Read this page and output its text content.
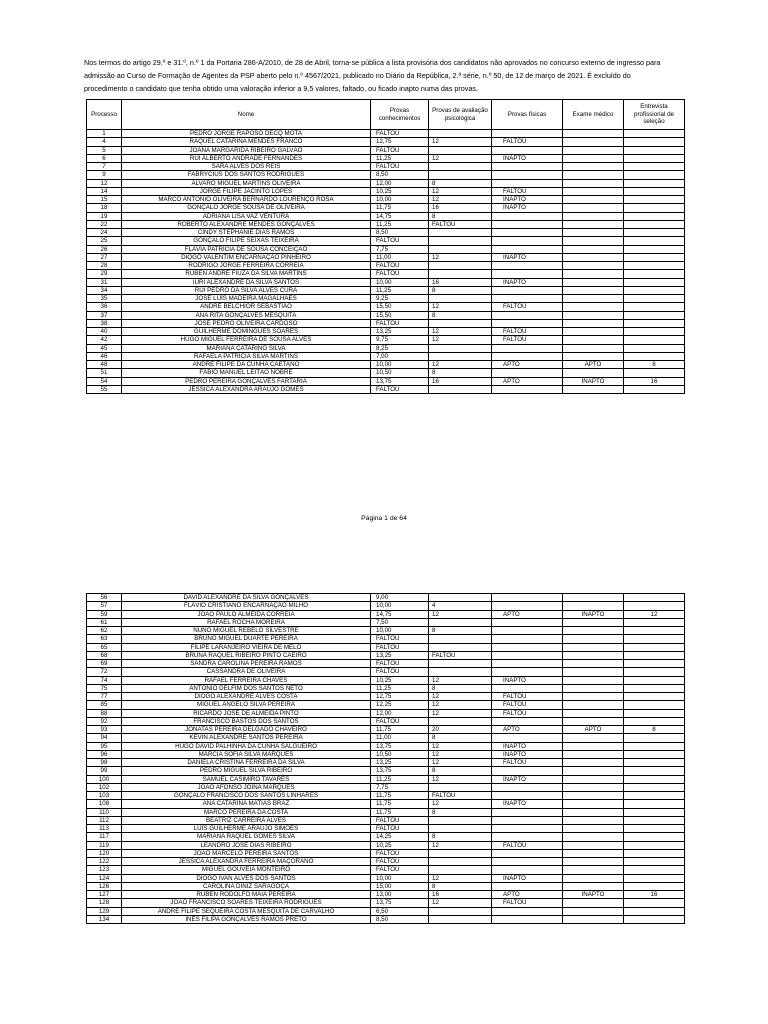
Nos termos do artigo 29.º e 31.º, n.º 1 da Portaria 286-A/2010, de 28 de Abril, torna-se pública a lista provisória dos candidatos não aprovados no concurso externo de ingresso para admissão ao Curso de Formação de Agentes da PSP aberto pelo n.º 4567/2021, publicado no Diário da República, 2.ª série, n.º 50, de 12 de março de 2021. É excluído do procedimento o candidato que tenha obtido uma valoração inferior a 9,5 valores, faltado, ou ficado inapto numa das provas.

Processo	Nome	Provas conhecimentos	Provas de avaliação psicológica	Provas físicas	Exame médico	Entrevista profissional de seleção
1	PEDRO JORGE RAPOSO DECQ MOTA	FALTOU				
4	RAQUEL CATARINA MENDES FRANCO	12,75	12	FALTOU		
5	JOANA MARGARIDA RIBEIRO GALVÃO	FALTOU				
6	RUI ALBERTO ANDRADE FERNANDES	11,25	12	INAPTO		
7	SARA ALVES DOS REIS	FALTOU				
9	FABRYCIUS DOS SANTOS RODRIGUES	8,50				
12	ÁLVARO MIGUEL MARTINS OLIVEIRA	12,00	8			
14	JORGE FILIPE JACINTO LOPES	10,25	12	FALTOU		
15	MARCO ANTÓNIO OLIVEIRA BERNARDO LOURENÇO ROSA	10,00	12	INAPTO		
18	GONÇALO JORGE SOUSA DE OLIVEIRA	11,75	16	INAPTO		
19	ADRIANA LISA VAZ VENTURA	14,75	8			
22	ROBERTO ALEXANDRE MENDES GONÇALVES	11,25	FALTOU			
24	CINDY STEPHANIE DIAS RAMOS	8,50				
25	GONÇALO FILIPE SEIXAS TEIXEIRA	FALTOU				
26	FLÁVIA PATRÍCIA DE SOUSA CONCEIÇÃO	7,75				
27	DIOGO VALENTIM ENCARNAÇÃO PINHEIRO	11,00	12	INAPTO		
28	RODRIGO JORGE FERREIRA CORREIA	FALTOU				
29	RUBEN ANDRÉ FIUZA DA SILVA MARTINS	FALTOU				
31	IURI ALEXANDRE DA SILVA SANTOS	10,00	16	INAPTO		
34	RUI PEDRO DA SILVA ALVES CURA	11,25	8			
35	JOSÉ LUÍS MADEIRA MAGALHÃES	9,25				
36	ANDRÉ BELCHIOR SEBASTIÃO	15,50	12	FALTOU		
37	ANA RITA GONÇALVES MESQUITA	15,50	8			
38	JOSÉ PEDRO OLIVEIRA CARDOSO	FALTOU				
40	GUILHERME DOMINGUES SOARES	13,25	12	FALTOU		
42	HUGO MIGUEL FERREIRA DE SOUSA ALVES	9,75	12	FALTOU		
45	MARIANA CATARINO SILVA	8,25				
46	RAFAELA PATRÍCIA SILVA MARTINS	7,00				
48	ANDRÉ FILIPE DA CUNHA CAETANO	10,00	12	APTO	APTO	8
51	FÁBIO MANUEL LEITÃO NOBRE	10,50	8			
54	PEDRO PEREIRA GONÇALVES FARTARIA	13,75	16	APTO	INAPTO	16
55	JÉSSICA ALEXANDRA ARAÚJO GOMES	FALTOU				
Página 1 de 64
56	DAVID ALEXANDRE DA SILVA GONÇALVES	9,00				
57	FLÁVIO CRISTIANO ENCARNAÇÃO MILHO	10,00	4			
59	JOÃO PAULO ALMEIDA CORREIA	14,75	12	APTO	INAPTO	12
61	RAFAEL ROCHA MOREIRA	7,50				
62	NUNO MIGUEL REBELO SILVESTRE	10,00	8			
63	BRUNO MIGUEL DUARTE PEREIRA	FALTOU				
65	FILIPE LARANJEIRO VIEIRA DE MELO	FALTOU				
68	BRUNA RAQUEL RIBEIRO PINTO CAEIRO	13,25	FALTOU			
69	SANDRA CAROLINA PEREIRA RAMOS	FALTOU				
72	CASSANDRA DE OLIVEIRA	FALTOU				
74	RAFAEL FERREIRA CHAVES	10,25	12	INAPTO		
75	ANTÓNIO DELFIM DOS SANTOS NETO	11,25	8			
77	DIOGO ALEXANDRE ALVES COSTA	12,75	12	FALTOU		
85	MIGUEL ÂNGELO SILVA PEREIRA	12,25	12	FALTOU		
88	RICARDO JOSÉ DE ALMEIDA PINTO	12,00	12	FALTOU		
92	FRANCISCO BASTOS DOS SANTOS	FALTOU				
93	JONATAS PEREIRA DELGADO CHAVEIRO	11,75	20	APTO	APTO	8
94	KEVIN ALEXANDRE SANTOS PEREIRA	11,00	8			
95	HUGO DAVID PALHINHA DA CUNHA SALGUEIRO	13,75	12	INAPTO		
96	MÁRCIA SOFIA SILVA MARQUES	10,50	12	INAPTO		
98	DANIELA CRISTINA FERREIRA DA SILVA	13,25	12	FALTOU		
99	PEDRO MIGUEL SILVA RIBEIRO	13,75	8			
100	SAMUEL CASIMIRO TAVARES	11,25	12	INAPTO		
102	JOÃO AFONSO JOINA MARQUES	7,75				
103	GONÇALO FRANCISCO DOS SANTOS LINHARES	11,75	FALTOU			
108	ANA CATARINA MATIAS BRAZ	11,75	12	INAPTO		
110	MARCO PEREIRA DA COSTA	11,75	8			
112	BEATRIZ CARREIRA ALVES	FALTOU				
113	LUÍS GUILHERME ARAÚJO SIMÕES	FALTOU				
117	MARIANA RAQUEL GOMES SILVA	14,25	8			
119	LEANDRO JOSÉ DIAS RIBEIRO	10,25	12	FALTOU		
120	JOÃO MARCELO PEREIRA SANTOS	FALTOU				
122	JÉSSICA ALEXANDRA FERREIRA MAÇORANO	FALTOU				
123	MIGUEL GOUVEIA MONTEIRO	FALTOU				
124	DIOGO IVAN ALVES DOS SANTOS	10,00	12	INAPTO		
126	CAROLINA DINIZ SARAGOÇA	15,00	8			
127	RÚBEN RODOLFO MAIA PEREIRA	13,00	16	APTO	INAPTO	16
128	JOÃO FRANCISCO SOARES TEIXEIRA RODRIGUES	13,75	12	FALTOU		
129	ANDRÉ FILIPE SEQUEIRA COSTA MESQUITA DE CARVALHO	6,50				
134	INÊS FILIPA GONÇALVES RAMOS PRETO	8,50				
